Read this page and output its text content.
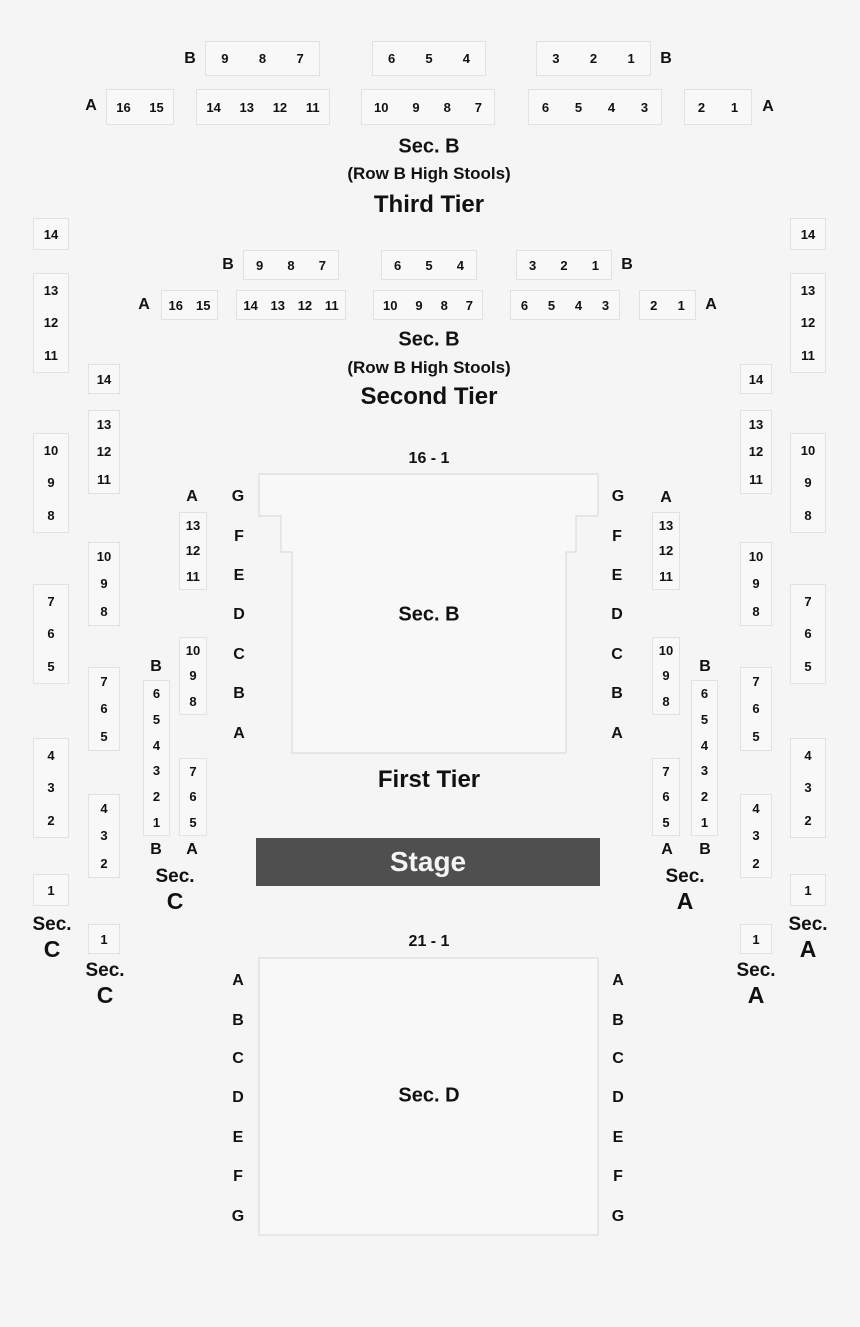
B 9 8 7	6 5 4	3 2 1 B
A 16 15	14 13 12 11	10 9 8 7	6 5 4 3	2 1 A
Sec. B
(Row B High Stools)
Third Tier
B 9 8 7	6 5 4	3 2 1 B
A 16 15	14 13 12 11	10 9 8 7	6 5 4 3	2 1 A
Sec. B
(Row B High Stools)
Second Tier
16 - 1
Sec. B
First Tier
G
F
E
D
C
B
A
G
F
E
D
C
B
A
Stage
21 - 1
Sec. D
A
B
C
D
E
F
G
A
B
C
D
E
F
G
14
13
12
11
10
9
8
7
6
5
4
3
2
1
Sec.
C
14
13
12
11
10
9
8
7
6
5
4
3
2
1
Sec.
C
A
13
12
11
10
9
8
7
6
5
A
B
6
5
4
3
2
1
B
Sec.
C
14
13
12
11
10
9
8
7
6
5
4
3
2
1
Sec.
A
14
13
12
11
10
9
8
7
6
5
4
3
2
1
Sec.
A
A
13
12
11
10
9
8
7
6
5
A
B
6
5
4
3
2
1
B
Sec.
A
